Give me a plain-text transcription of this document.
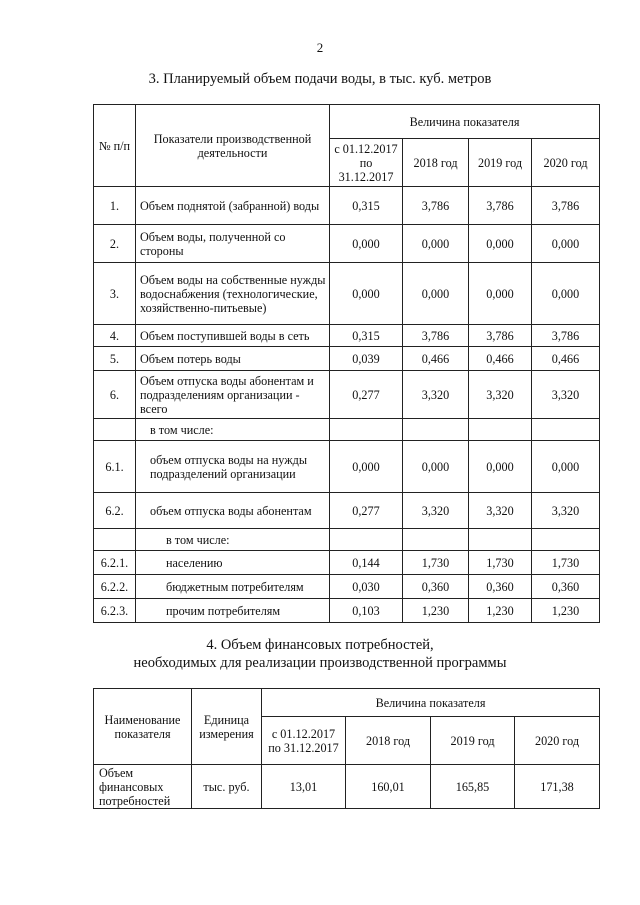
2
3. Планируемый объем подачи воды, в тыс. куб. метров
№ п/п	Показатели производственной деятельности	Величина показателя			
		с 01.12.2017 по 31.12.2017	2018 год	2019 год	2020 год
1.	Объем поднятой (забранной) воды	0,315	3,786	3,786	3,786
2.	Объем воды, полученной со стороны	0,000	0,000	0,000	0,000
3.	Объем воды на собственные нужды водоснабжения (технологические, хозяйственно-питьевые)	0,000	0,000	0,000	0,000
4.	Объем поступившей воды в сеть	0,315	3,786	3,786	3,786
5.	Объем потерь воды	0,039	0,466	0,466	0,466
6.	Объем отпуска воды абонентам и подразделениям организации - всего	0,277	3,320	3,320	3,320
	в том числе:				
6.1.	объем отпуска воды на нужды подразделений организации	0,000	0,000	0,000	0,000
6.2.	объем отпуска воды абонентам	0,277	3,320	3,320	3,320
	в том числе:				
6.2.1.	населению	0,144	1,730	1,730	1,730
6.2.2.	бюджетным потребителям	0,030	0,360	0,360	0,360
6.2.3.	прочим потребителям	0,103	1,230	1,230	1,230
4. Объем финансовых потребностей,
необходимых для реализации производственной программы
Наименование показателя	Единица измерения	Величина показателя			
		с 01.12.2017 по 31.12.2017	2018 год	2019 год	2020 год
Объем финансовых потребностей	тыс. руб.	13,01	160,01	165,85	171,38
